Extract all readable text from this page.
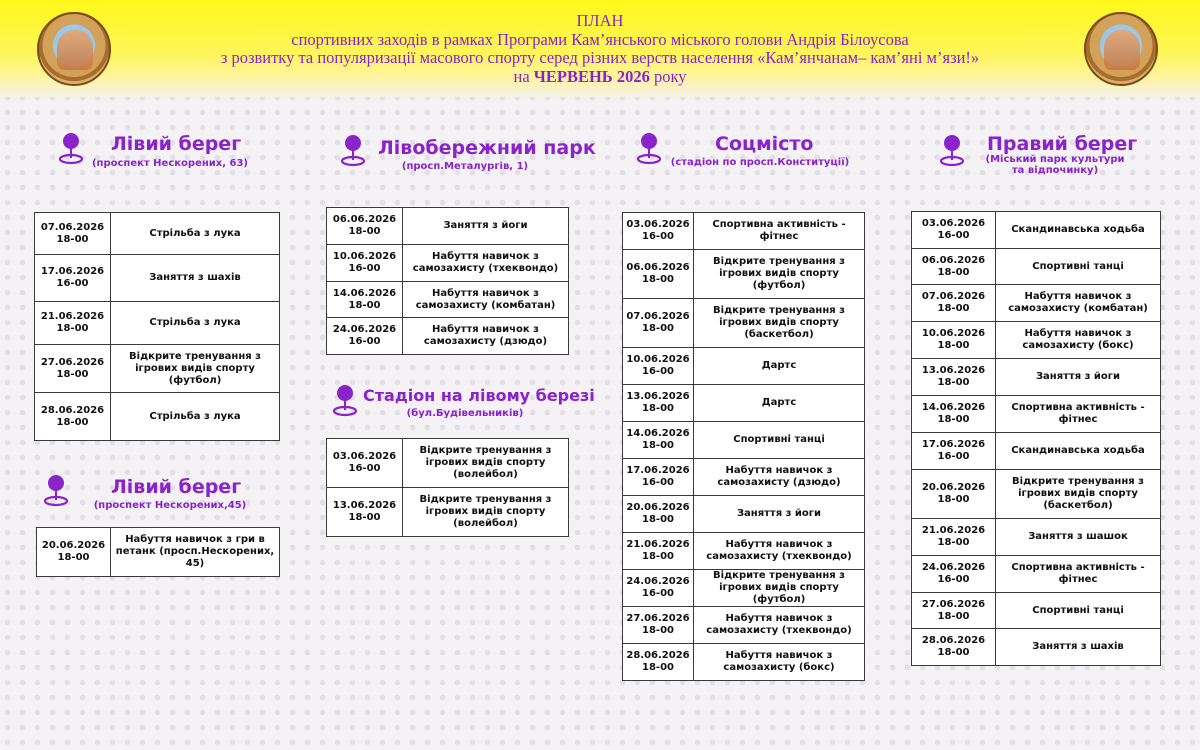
ПЛАН
спортивних заходів в рамках Програми Кам’янського міського голови Андрія Білоусова
з розвитку та популяризації масового спорту серед різних верств населення «Кам’янчанам– кам’яні м’язи!»
на ЧЕРВЕНЬ 2026 року
Лівий берег
(проспект Нескорених, 63)
07.06.2026
18-00	Стрільба з лука

17.06.2026
16-00	Заняття з шахів

21.06.2026
18-00	Стрільба з лука

27.06.2026
18-00	Відкрите тренування з ігрових видів спорту (футбол)

28.06.2026
18-00	Стрільба з лука
Лівий берег
(проспект Нескорених,45)
20.06.2026
18-00
	Набуття навичок з гри в петанк (просп.Нескорених, 45)
Лівобережний парк
(просп.Металургів, 1)
06.06.2026
18-00	Заняття з йоги

10.06.2026
16-00	Набуття навичок з самозахисту (тхеквондо)

14.06.2026
18-00	Набуття навичок з самозахисту (комбатан)

24.06.2026
16-00	Набуття навичок з самозахисту (дзюдо)
Стадіон на лівому березі
(бул.Будівельників)
03.06.2026
16-00	Відкрите тренування з ігрових видів спорту (волейбол)

13.06.2026
18-00	Відкрите тренування з ігрових видів спорту (волейбол)
Соцмісто
(стадіон по просп.Конституції)
03.06.2026
16-00	Спортивна активність - фітнес

06.06.2026
18-00	Відкрите тренування з ігрових видів спорту (футбол)

07.06.2026
18-00	Відкрите тренування з ігрових видів спорту (баскетбол)

10.06.2026
16-00	Дартс

13.06.2026
18-00	Дартс

14.06.2026
18-00	Спортивні танці

17.06.2026
16-00	Набуття навичок з самозахисту (дзюдо)

20.06.2026
18-00	Заняття з йоги

21.06.2026
18-00	Набуття навичок з самозахисту (тхеквондо)

24.06.2026
16-00	Відкрите тренування з ігрових видів спорту (футбол)

27.06.2026
18-00	Набуття навичок з самозахисту (тхеквондо)

28.06.2026
18-00	Набуття навичок з самозахисту (бокс)
Правий берег
(Міський парк культури та відпочинку)
03.06.2026
16-00	Скандинавська ходьба

06.06.2026
18-00	Спортивні танці

07.06.2026
18-00	Набуття навичок з самозахисту (комбатан)

10.06.2026
18-00	Набуття навичок з самозахисту (бокс)

13.06.2026
18-00	Заняття з йоги

14.06.2026
18-00	Спортивна активність - фітнес

17.06.2026
16-00	Скандинавська ходьба

20.06.2026
18-00	Відкрите тренування з ігрових видів спорту (баскетбол)

21.06.2026
18-00	Заняття з шашок

24.06.2026
16-00	Спортивна активність - фітнес

27.06.2026
18-00	Спортивні танці

28.06.2026
18-00	Заняття з шахів
